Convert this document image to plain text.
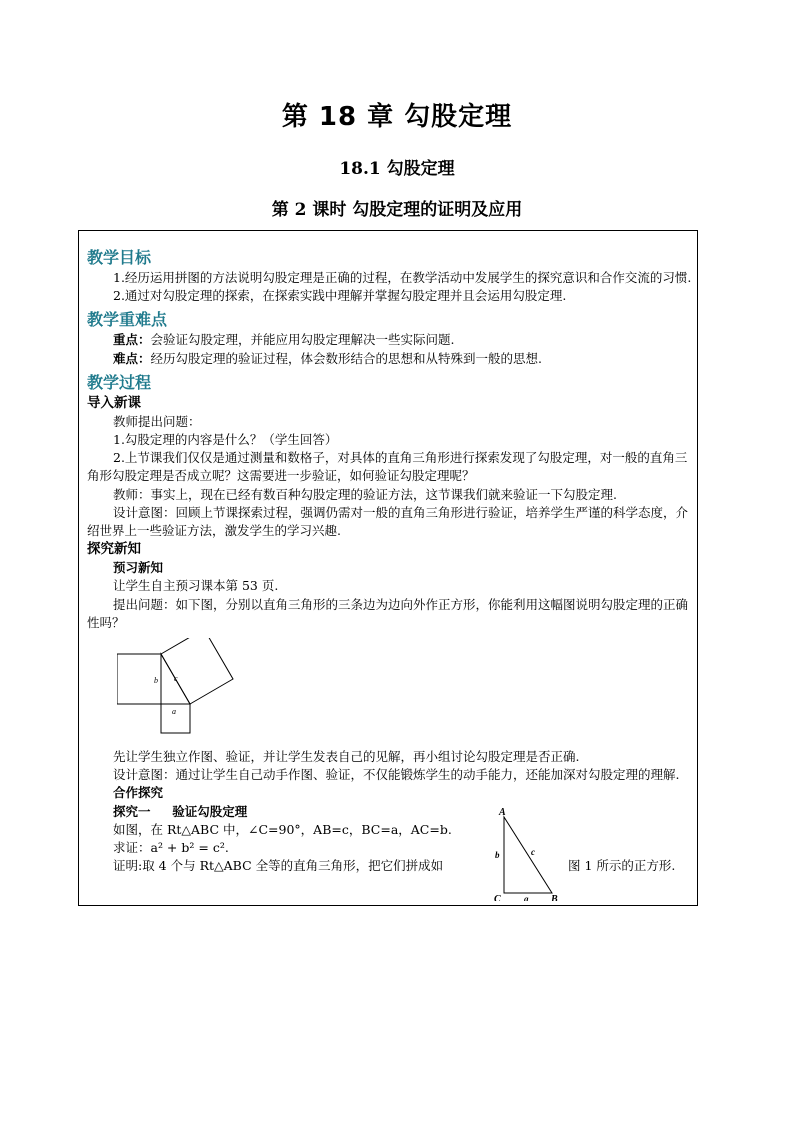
第 18 章 勾股定理
18.1 勾股定理
第 2 课时 勾股定理的证明及应用
教学目标

1.经历运用拼图的方法说明勾股定理是正确的过程，在教学活动中发展学生的探究意识和合作交流的习惯.

2.通过对勾股定理的探索，在探索实践中理解并掌握勾股定理并且会运用勾股定理.

教学重难点

重点：会验证勾股定理，并能应用勾股定理解决一些实际问题.

难点：经历勾股定理的验证过程，体会数形结合的思想和从特殊到一般的思想.

教学过程
导入新课

教师提出问题：

1.勾股定理的内容是什么？（学生回答）

2.上节课我们仅仅是通过测量和数格子，对具体的直角三角形进行探索发现了勾股定理，对一般的直角三角形勾股定理是否成立呢？这需要进一步验证，如何验证勾股定理呢？

教师：事实上，现在已经有数百种勾股定理的验证方法，这节课我们就来验证一下勾股定理.

设计意图：回顾上节课探索过程，强调仍需对一般的直角三角形进行验证，培养学生严谨的科学态度，介绍世界上一些验证方法，激发学生的学习兴趣.

探究新知
预习新知

让学生自主预习课本第 53 页.

提出问题：如下图，分别以直角三角形的三条边为边向外作正方形，你能利用这幅图说明勾股定理的正确性吗？

b c
a

先让学生独立作图、验证，并让学生发表自己的见解，再小组讨论勾股定理是否正确.

设计意图：通过让学生自己动手作图、验证，不仅能锻炼学生的动手能力，还能加深对勾股定理的理解.

合作探究
探究一 验证勾股定理

如图，在 Rt△ABC 中，∠C=90°，AB=c，BC=a，AC=b.

求证：a² + b² = c².

证明:取 4 个与 Rt△ABC 全等的直角三角形，把它们拼成如	图 1 所示的正方形.
A
C	B
b	c
a
